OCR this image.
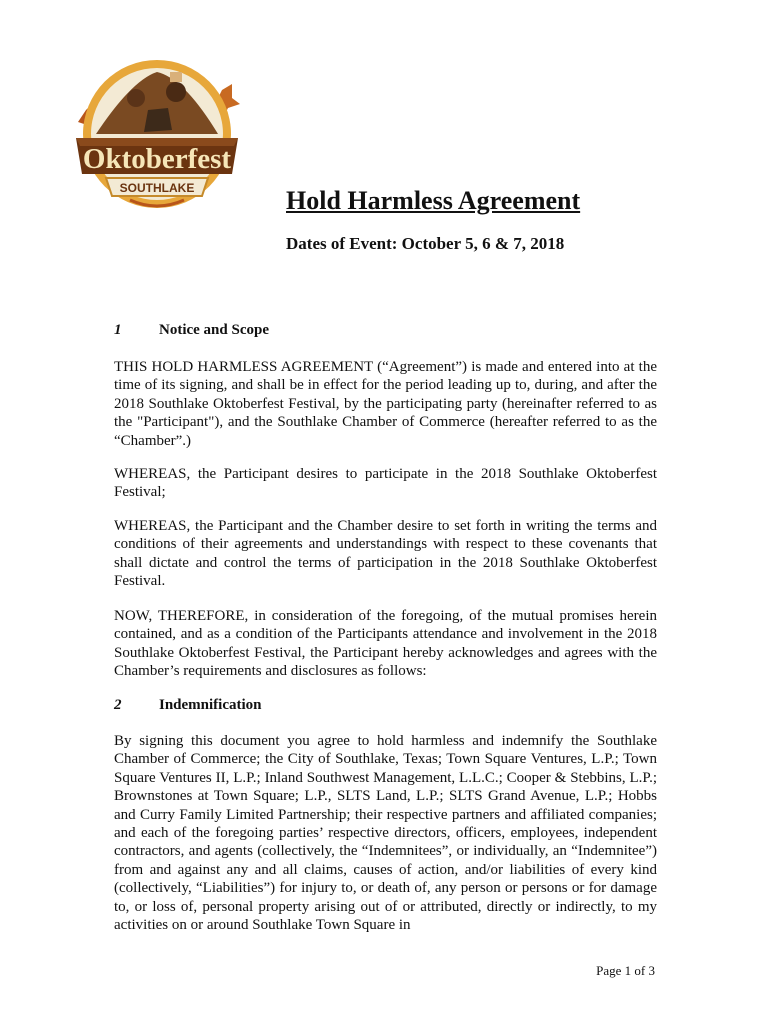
Oktoberfest
SOUTHLAKE	Hold Harmless Agreement
Dates of Event: October 5, 6 & 7, 2018
1	Notice and Scope
THIS HOLD HARMLESS AGREEMENT (“Agreement”) is made and entered into at the time of its signing, and shall be in effect for the period leading up to, during, and after the 2018 Southlake Oktoberfest Festival, by the participating party (hereinafter referred to as the "Participant"), and the Southlake Chamber of Commerce (hereafter referred to as the “Chamber”.)
WHEREAS, the Participant desires to participate in the 2018 Southlake Oktoberfest Festival;
WHEREAS, the Participant and the Chamber desire to set forth in writing the terms and conditions of their agreements and understandings with respect to these covenants that shall dictate and control the terms of participation in the 2018 Southlake Oktoberfest Festival.
NOW, THEREFORE, in consideration of the foregoing, of the mutual promises herein contained, and as a condition of the Participants attendance and involvement in the 2018 Southlake Oktoberfest Festival, the Participant hereby acknowledges and agrees with the Chamber’s requirements and disclosures as follows:
2	Indemnification
By signing this document you agree to hold harmless and indemnify the Southlake Chamber of Commerce; the City of Southlake, Texas; Town Square Ventures, L.P.; Town Square Ventures II, L.P.; Inland Southwest Management, L.L.C.; Cooper & Stebbins, L.P.; Brownstones at Town Square; L.P., SLTS Land, L.P.; SLTS Grand Avenue, L.P.; Hobbs and Curry Family Limited Partnership; their respective partners and affiliated companies; and each of the foregoing parties’ respective directors, officers, employees, independent contractors, and agents (collectively, the “Indemnitees”, or individually, an “Indemnitee”) from and against any and all claims, causes of action, and/or liabilities of every kind (collectively, “Liabilities”) for injury to, or death of, any person or persons or for damage to, or loss of, personal property arising out of or attributed, directly or indirectly, to my activities on or around Southlake Town Square in
Page 1 of 3
